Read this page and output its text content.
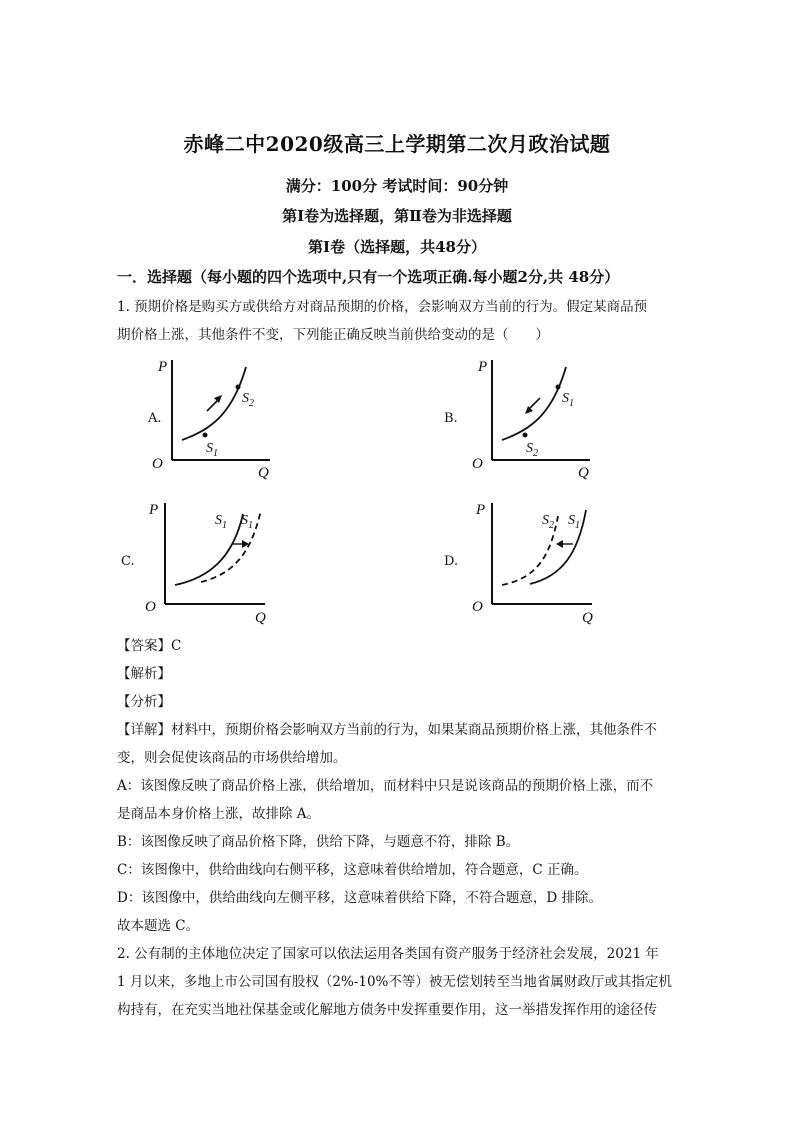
赤峰二中2020级高三上学期第二次月政治试题
满分：100分 考试时间：90分钟
第Ⅰ卷为选择题，第Ⅱ卷为非选择题
第Ⅰ卷（选择题，共48分）
一．选择题（每小题的四个选项中,只有一个选项正确.每小题2分,共 48分）

1. 预期价格是购买方或供给方对商品预期的价格，会影响双方当前的行为。假定某商品预

期价格上涨，其他条件不变，下列能正确反映当前供给变动的是（　　）

A.
P
O
Q
$S_2$
$S_1$
B.
P
O
Q
$S_1$
$S_2$
C.
P
O
Q
$S_1$ $S_1$
D.
P
O
Q
$S_2$ $S_1$

【答案】C

【解析】

【分析】

【详解】材料中，预期价格会影响双方当前的行为，如果某商品预期价格上涨，其他条件不

变，则会促使该商品的市场供给增加。

A：该图像反映了商品价格上涨，供给增加，而材料中只是说该商品的预期价格上涨，而不

是商品本身价格上涨，故排除 A。

B：该图像反映了商品价格下降，供给下降，与题意不符，排除 B。

C：该图像中，供给曲线向右侧平移，这意味着供给增加，符合题意，C 正确。

D：该图像中，供给曲线向左侧平移，这意味着供给下降，不符合题意，D 排除。

故本题选 C。

2. 公有制的主体地位决定了国家可以依法运用各类国有资产服务于经济社会发展，2021 年

1 月以来，多地上市公司国有股权（2%-10%不等）被无偿划转至当地省属财政厅或其指定机

构持有，在充实当地社保基金或化解地方债务中发挥重要作用，这一举措发挥作用的途径传
